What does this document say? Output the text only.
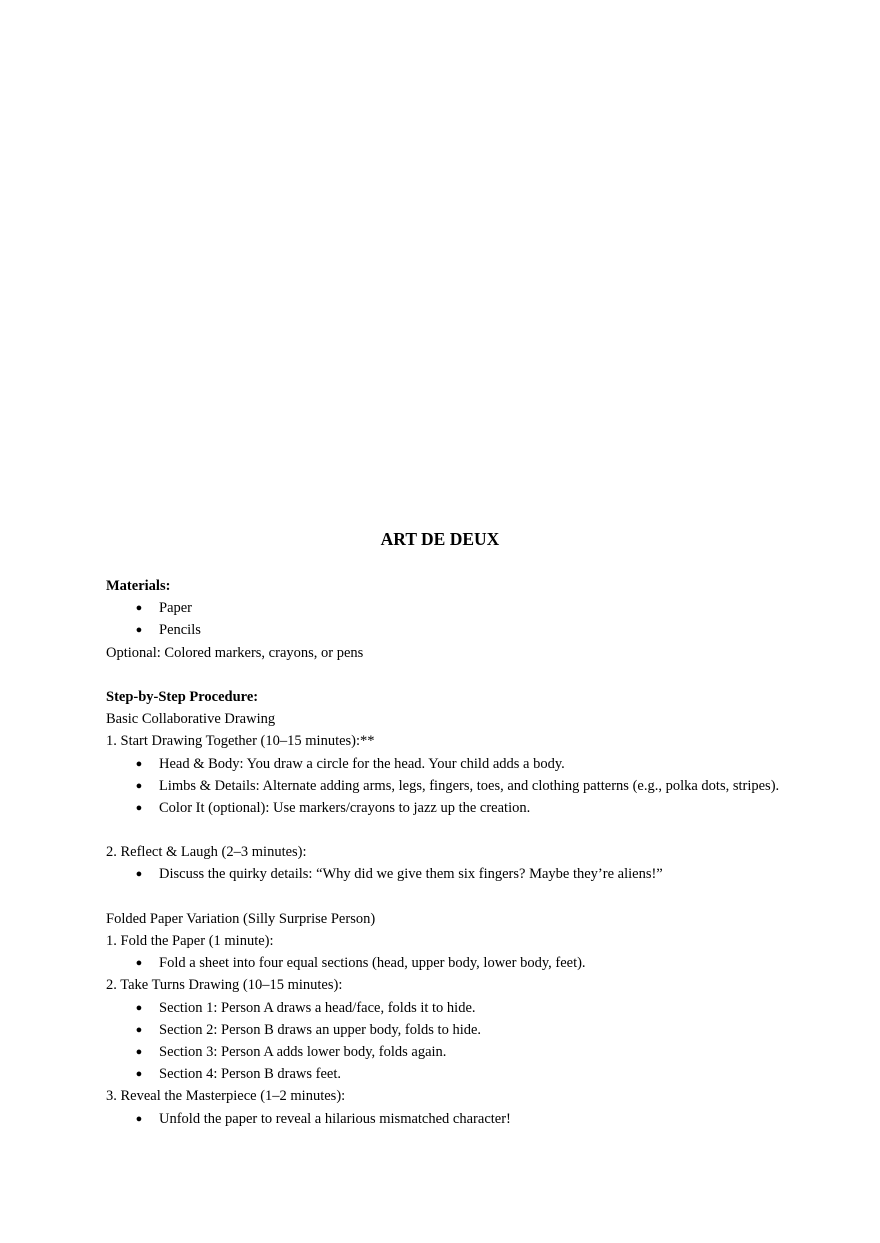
ART DE DEUX
Materials:
● Paper
● Pencils
Optional: Colored markers, crayons, or pens
Step-by-Step Procedure:
Basic Collaborative Drawing
1. Start Drawing Together (10–15 minutes):**
● Head & Body: You draw a circle for the head. Your child adds a body.
● Limbs & Details: Alternate adding arms, legs, fingers, toes, and clothing patterns (e.g., polka dots, stripes).
● Color It (optional): Use markers/crayons to jazz up the creation.
2. Reflect & Laugh (2–3 minutes):
● Discuss the quirky details: “Why did we give them six fingers? Maybe they’re aliens!”
Folded Paper Variation (Silly Surprise Person)
1. Fold the Paper (1 minute):
● Fold a sheet into four equal sections (head, upper body, lower body, feet).
2. Take Turns Drawing (10–15 minutes):
● Section 1: Person A draws a head/face, folds it to hide.
● Section 2: Person B draws an upper body, folds to hide.
● Section 3: Person A adds lower body, folds again.
● Section 4: Person B draws feet.
3. Reveal the Masterpiece (1–2 minutes):
● Unfold the paper to reveal a hilarious mismatched character!
